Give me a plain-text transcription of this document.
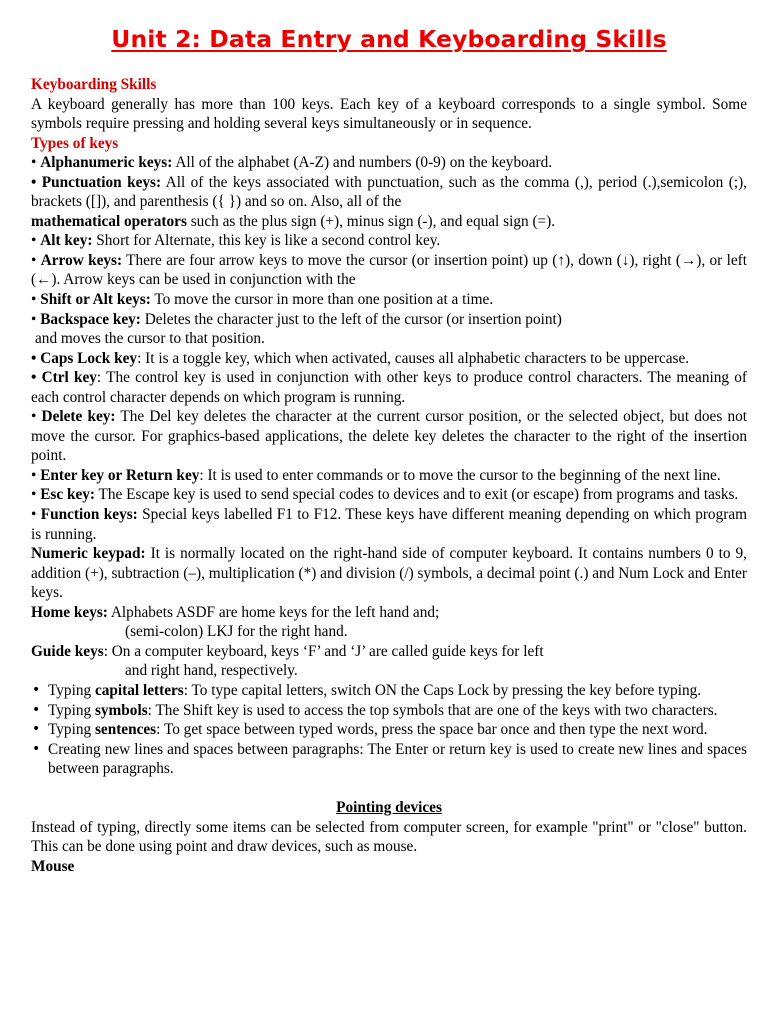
Unit 2: Data Entry and Keyboarding Skills

Keyboarding Skills

A keyboard generally has more than 100 keys. Each key of a keyboard corresponds to a single symbol. Some symbols require pressing and holding several keys simultaneously or in sequence.

Types of keys

• Alphanumeric keys: All of the alphabet (A-Z) and numbers (0-9) on the keyboard.

• Punctuation keys: All of the keys associated with punctuation, such as the comma (,), period (.),semicolon (;), brackets ([]), and parenthesis ({ }) and so on. Also, all of the

mathematical operators such as the plus sign (+), minus sign (-), and equal sign (=).

• Alt key: Short for Alternate, this key is like a second control key.

• Arrow keys: There are four arrow keys to move the cursor (or insertion point) up (↑), down (↓), right (→), or left (←). Arrow keys can be used in conjunction with the

• Shift or Alt keys: To move the cursor in more than one position at a time.

• Backspace key: Deletes the character just to the left of the cursor (or insertion point)

and moves the cursor to that position.

• Caps Lock key: It is a toggle key, which when activated, causes all alphabetic characters to be uppercase.

• Ctrl key: The control key is used in conjunction with other keys to produce control characters. The meaning of each control character depends on which program is running.

• Delete key: The Del key deletes the character at the current cursor position, or the selected object, but does not move the cursor. For graphics-based applications, the delete key deletes the character to the right of the insertion point.

• Enter key or Return key: It is used to enter commands or to move the cursor to the beginning of the next line.

• Esc key: The Escape key is used to send special codes to devices and to exit (or escape) from programs and tasks.

• Function keys: Special keys labelled F1 to F12. These keys have different meaning depending on which program is running.

Numeric keypad: It is normally located on the right-hand side of computer keyboard. It contains numbers 0 to 9, addition (+), subtraction (–), multiplication (*) and division (/) symbols, a decimal point (.) and Num Lock and Enter keys.

Home keys: Alphabets ASDF are home keys for the left hand and;

(semi-colon) LKJ for the right hand.

Guide keys: On a computer keyboard, keys ‘F’ and ‘J’ are called guide keys for left

and right hand, respectively.

• Typing capital letters: To type capital letters, switch ON the Caps Lock by pressing the key before typing.
• Typing symbols: The Shift key is used to access the top symbols that are one of the keys with two characters.
• Typing sentences: To get space between typed words, press the space bar once and then type the next word.
• Creating new lines and spaces between paragraphs: The Enter or return key is used to create new lines and spaces between paragraphs.

Pointing devices

Instead of typing, directly some items can be selected from computer screen, for example "print" or "close" button. This can be done using point and draw devices, such as mouse.

Mouse
